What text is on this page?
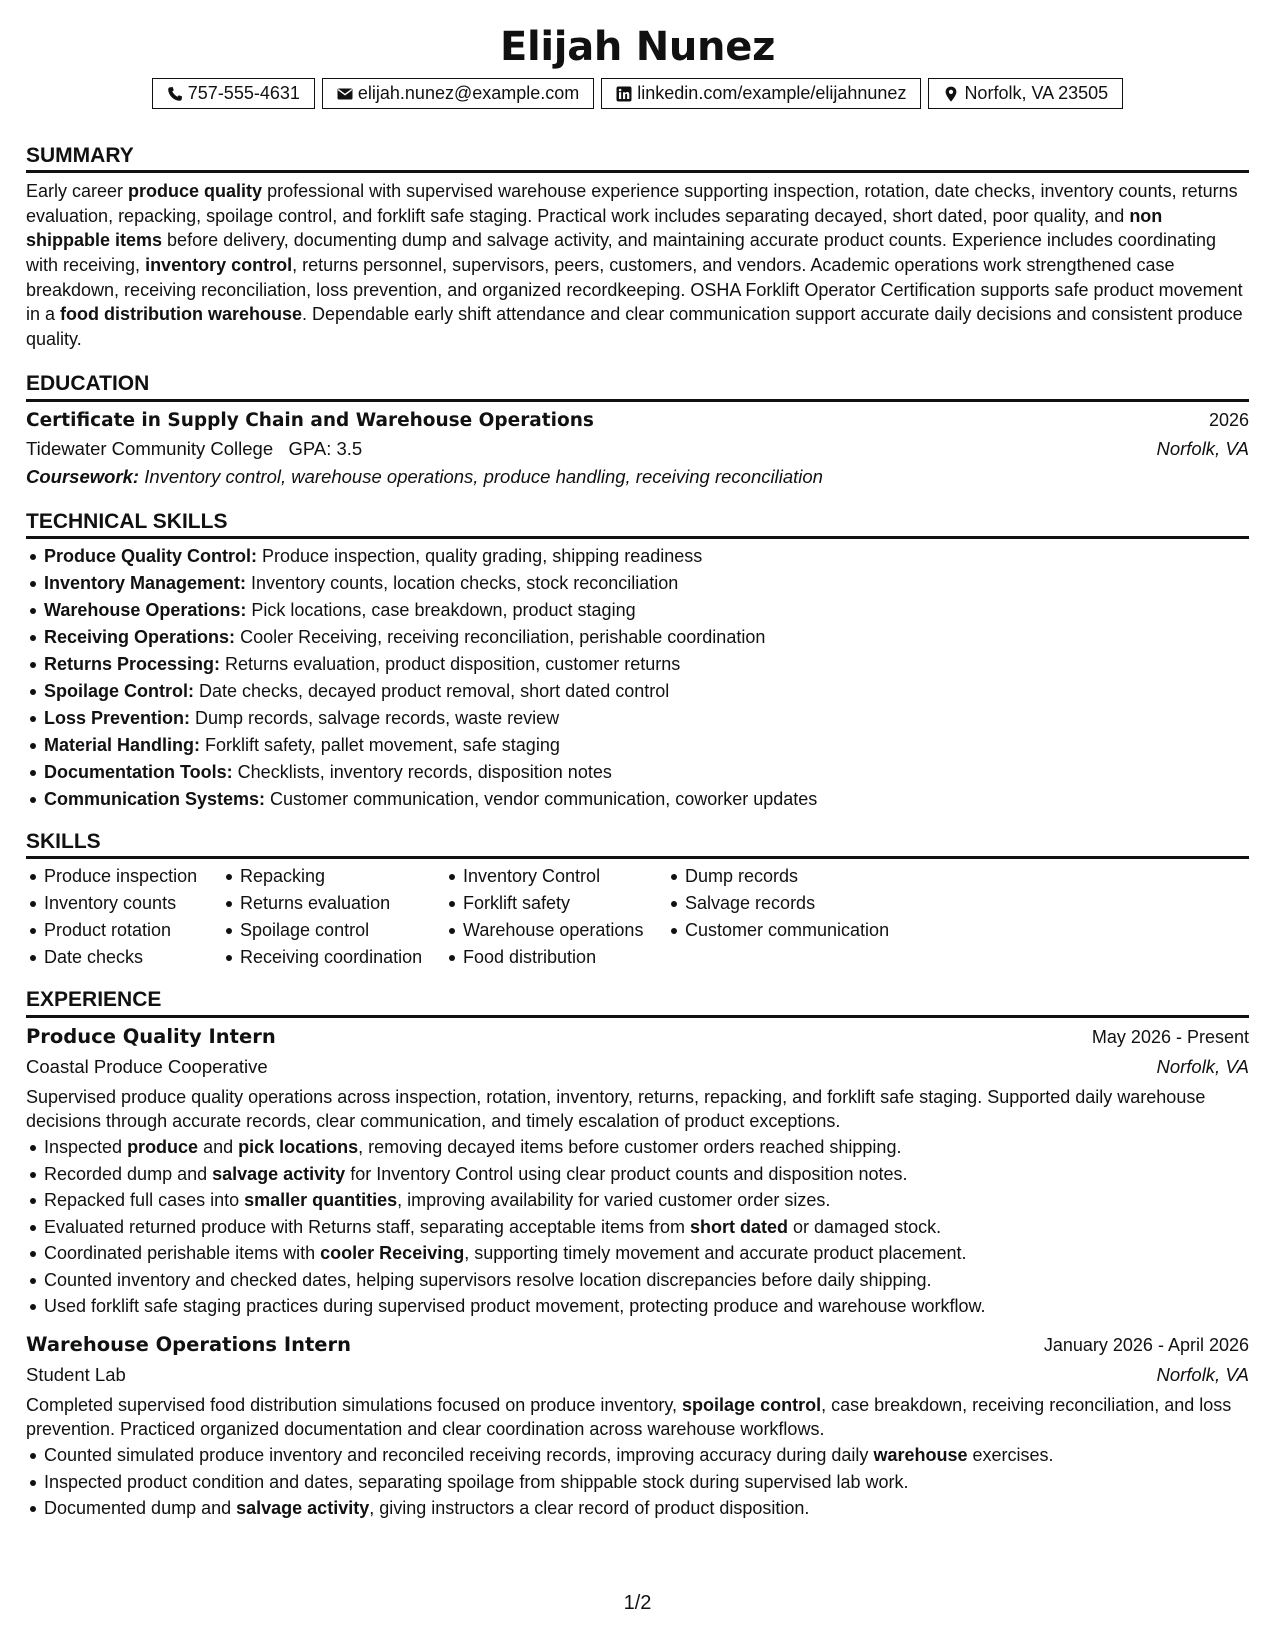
Elijah Nunez
757-555-4631	elijah.nunez@example.com	linkedin.com/example/elijahnunez	Norfolk, VA 23505
SUMMARY
Early career produce quality professional with supervised warehouse experience supporting inspection, rotation, date checks, inventory counts, returns evaluation, repacking, spoilage control, and forklift safe staging. Practical work includes separating decayed, short dated, poor quality, and non shippable items before delivery, documenting dump and salvage activity, and maintaining accurate product counts. Experience includes coordinating with receiving, inventory control, returns personnel, supervisors, peers, customers, and vendors. Academic operations work strengthened case breakdown, receiving reconciliation, loss prevention, and organized recordkeeping. OSHA Forklift Operator Certification supports safe product movement in a food distribution warehouse. Dependable early shift attendance and clear communication support accurate daily decisions and consistent produce quality.
EDUCATION
Certificate in Supply Chain and Warehouse Operations	2026
Tidewater Community College GPA: 3.5	Norfolk, VA
Coursework: Inventory control, warehouse operations, produce handling, receiving reconciliation
TECHNICAL SKILLS
Produce Quality Control: Produce inspection, quality grading, shipping readiness
Inventory Management: Inventory counts, location checks, stock reconciliation
Warehouse Operations: Pick locations, case breakdown, product staging
Receiving Operations: Cooler Receiving, receiving reconciliation, perishable coordination
Returns Processing: Returns evaluation, product disposition, customer returns
Spoilage Control: Date checks, decayed product removal, short dated control
Loss Prevention: Dump records, salvage records, waste review
Material Handling: Forklift safety, pallet movement, safe staging
Documentation Tools: Checklists, inventory records, disposition notes
Communication Systems: Customer communication, vendor communication, coworker updates
SKILLS
Produce inspection
Inventory counts
Product rotation
Date checks
Repacking
Returns evaluation
Spoilage control
Receiving coordination
Inventory Control
Forklift safety
Warehouse operations
Food distribution
Dump records
Salvage records
Customer communication
EXPERIENCE
Produce Quality Intern	May 2026 - Present
Coastal Produce Cooperative	Norfolk, VA
Supervised produce quality operations across inspection, rotation, inventory, returns, repacking, and forklift safe staging. Supported daily warehouse decisions through accurate records, clear communication, and timely escalation of product exceptions.
Inspected produce and pick locations, removing decayed items before customer orders reached shipping.
Recorded dump and salvage activity for Inventory Control using clear product counts and disposition notes.
Repacked full cases into smaller quantities, improving availability for varied customer order sizes.
Evaluated returned produce with Returns staff, separating acceptable items from short dated or damaged stock.
Coordinated perishable items with cooler Receiving, supporting timely movement and accurate product placement.
Counted inventory and checked dates, helping supervisors resolve location discrepancies before daily shipping.
Used forklift safe staging practices during supervised product movement, protecting produce and warehouse workflow.
Warehouse Operations Intern	January 2026 - April 2026
Student Lab	Norfolk, VA
Completed supervised food distribution simulations focused on produce inventory, spoilage control, case breakdown, receiving reconciliation, and loss prevention. Practiced organized documentation and clear coordination across warehouse workflows.
Counted simulated produce inventory and reconciled receiving records, improving accuracy during daily warehouse exercises.
Inspected product condition and dates, separating spoilage from shippable stock during supervised lab work.
Documented dump and salvage activity, giving instructors a clear record of product disposition.
1/2
